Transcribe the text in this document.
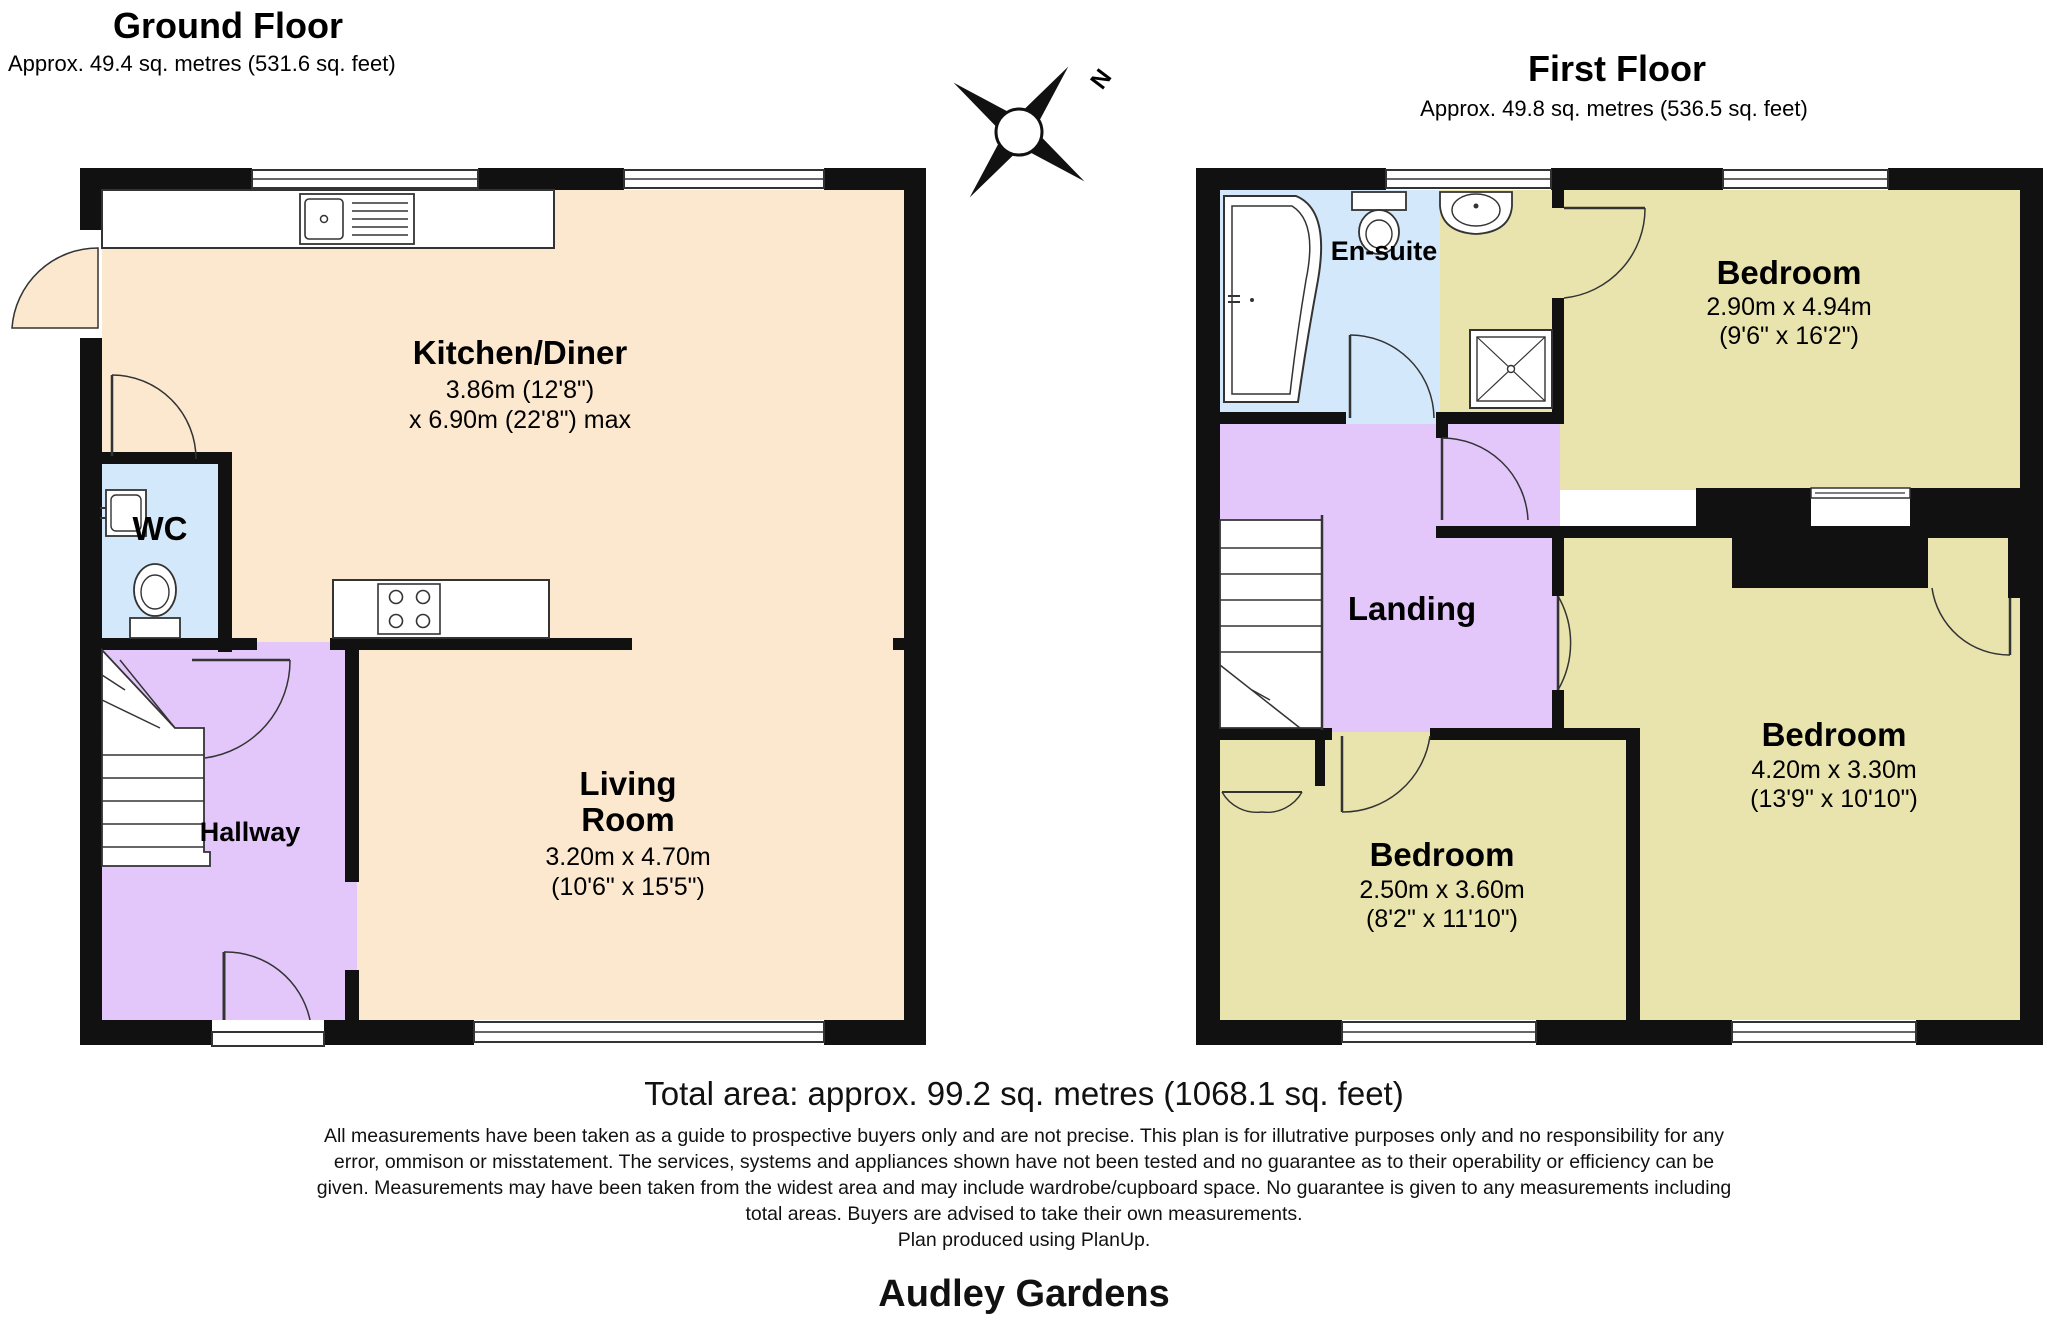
Ground Floor
Approx. 49.4 sq. metres (531.6 sq. feet)
Kitchen/Diner
3.86m (12'8")
x 6.90m (22'8") max
WC
Hallway
Living
Room
3.20m x 4.70m
(10'6" x 15'5")
N	First Floor
Approx. 49.8 sq. metres (536.5 sq. feet)
En-suite
Bedroom
2.90m x 4.94m
(9'6" x 16'2")
Landing
Bedroom
4.20m x 3.30m
(13'9" x 10'10")
Bedroom
2.50m x 3.60m
(8'2" x 11'10")
Total area: approx. 99.2 sq. metres (1068.1 sq. feet)
All measurements have been taken as a guide to prospective buyers only and are not precise. This plan is for illutrative purposes only and no responsibility for any error, ommison or misstatement. The services, systems and appliances shown have not been tested and no guarantee as to their operability or efficiency can be given. Measurements may have been taken from the widest area and may include wardrobe/cupboard space. No guarantee is given to any measurements including total areas. Buyers are advised to take their own measurements.
Plan produced using PlanUp.
Audley Gardens
